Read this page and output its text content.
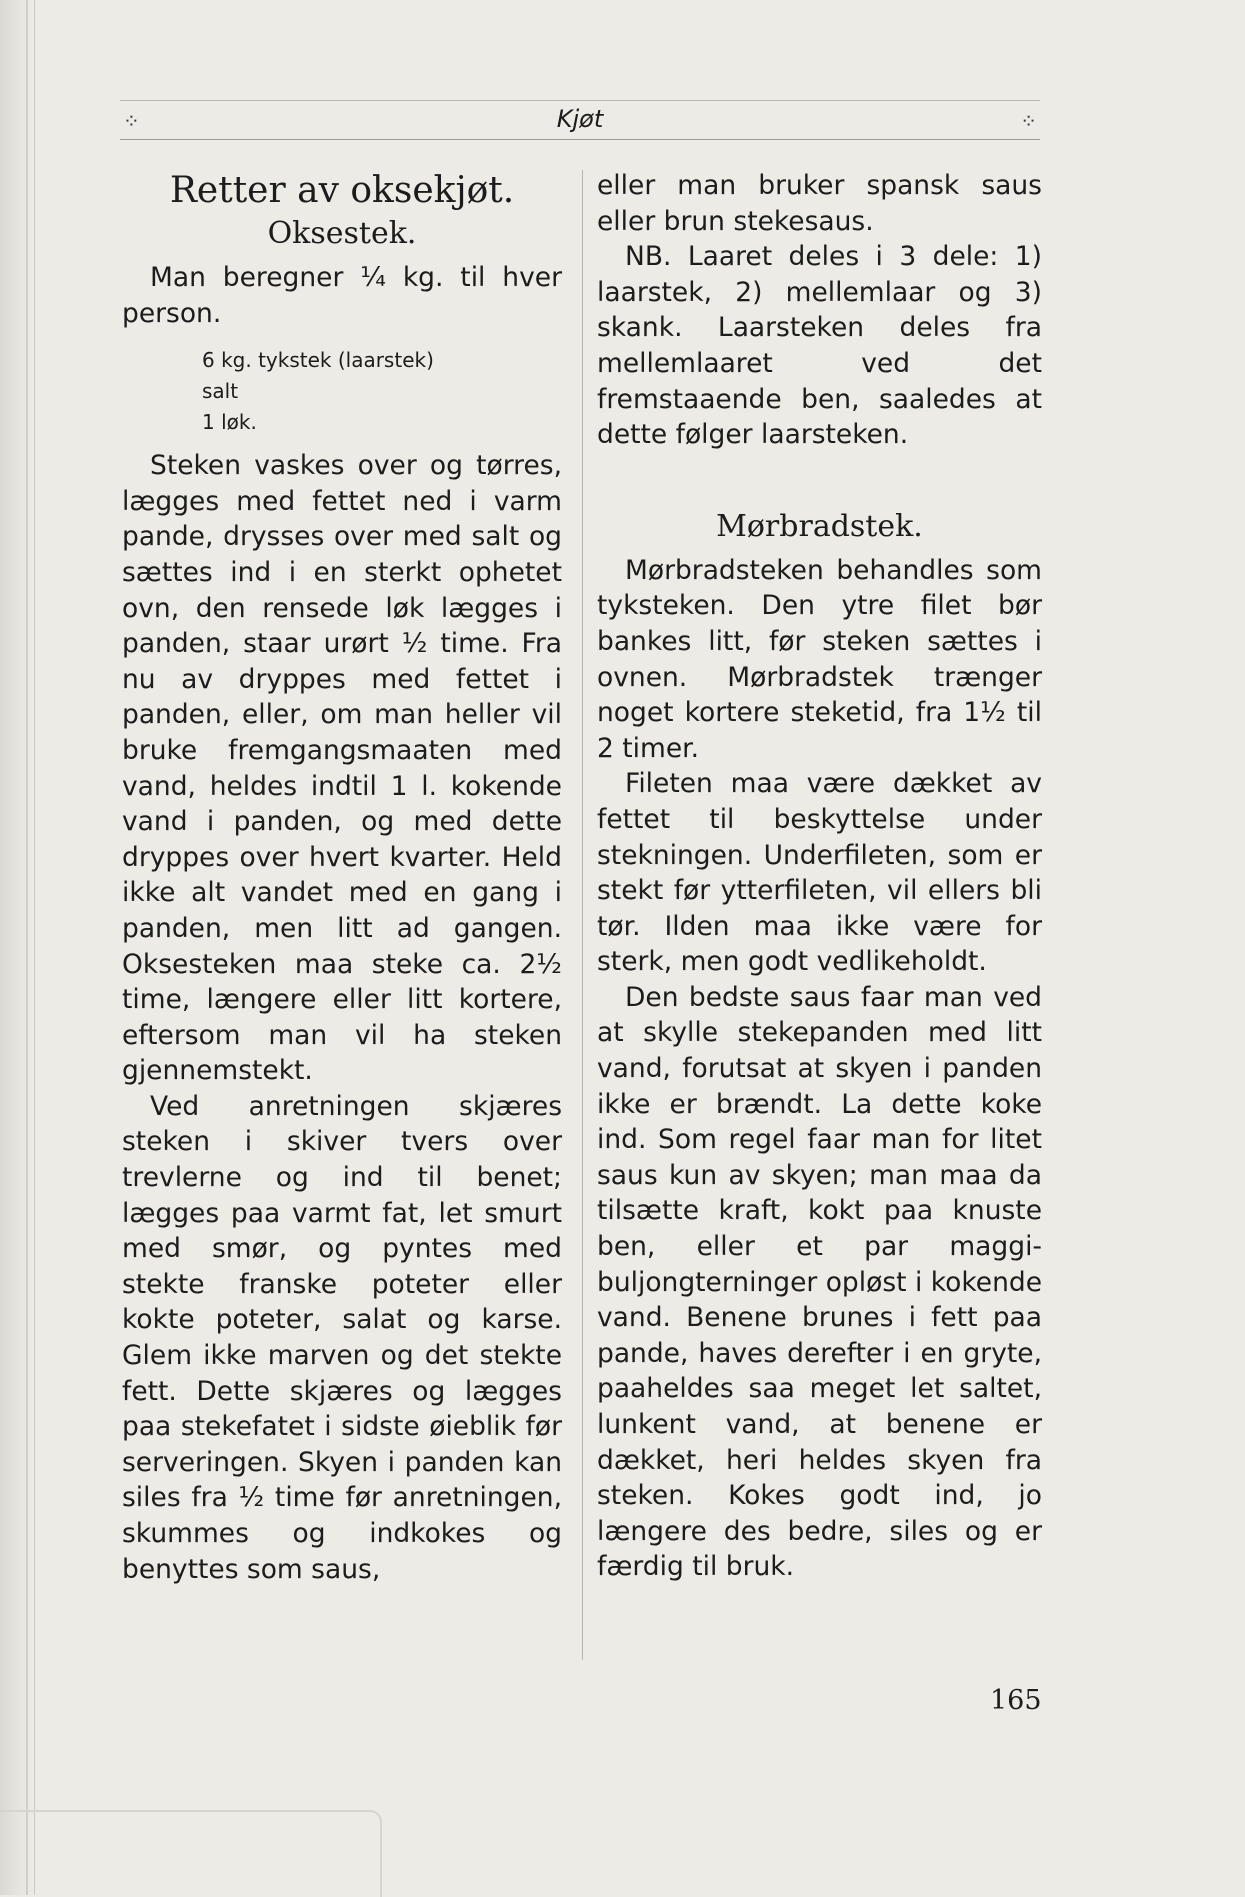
⁘	Kjøt	⁘
Retter av oksekjøt.
Oksestek.

Man beregner ¼ kg. til hver person.

6 kg. tykstek (laarstek)
salt
1 løk.

Steken vaskes over og tørres, lægges med fettet ned i varm pande, drysses over med salt og sættes ind i en sterkt ophetet ovn, den rensede løk lægges i panden, staar urørt ½ time. Fra nu av dryppes med fettet i panden, eller, om man heller vil bruke fremgangsmaaten med vand, heldes indtil 1 l. kokende vand i panden, og med dette dryppes over hvert kvarter. Held ikke alt vandet med en gang i panden, men litt ad gangen. Oksesteken maa steke ca. 2½ time, længere eller litt kortere, eftersom man vil ha steken gjennemstekt.

Ved anretningen skjæres steken i skiver tvers over trevlerne og ind til benet; lægges paa varmt fat, let smurt med smør, og pyntes med stekte franske poteter eller kokte poteter, salat og karse. Glem ikke marven og det stekte fett. Dette skjæres og lægges paa stekefatet i sidste øieblik før serveringen. Skyen i panden kan siles fra ½ time før anretningen, skummes og indkokes og benyttes som saus,

eller man bruker spansk saus eller brun stekesaus.

NB. Laaret deles i 3 dele: 1) laarstek, 2) mellemlaar og 3) skank. Laarsteken deles fra mellemlaaret ved det fremstaaende ben, saaledes at dette følger laarsteken.

Mørbradstek.

Mørbradsteken behandles som tyksteken. Den ytre filet bør bankes litt, før steken sættes i ovnen. Mørbradstek trænger noget kortere steketid, fra 1½ til 2 timer.

Fileten maa være dækket av fettet til beskyttelse under stekningen. Underfileten, som er stekt før ytterfileten, vil ellers bli tør. Ilden maa ikke være for sterk, men godt vedlikeholdt.

Den bedste saus faar man ved at skylle stekepanden med litt vand, forutsat at skyen i panden ikke er brændt. La dette koke ind. Som regel faar man for litet saus kun av skyen; man maa da tilsætte kraft, kokt paa knuste ben, eller et par maggi-buljongterninger opløst i kokende vand. Benene brunes i fett paa pande, haves derefter i en gryte, paaheldes saa meget let saltet, lunkent vand, at benene er dækket, heri heldes skyen fra steken. Kokes godt ind, jo længere des bedre, siles og er færdig til bruk.

165
